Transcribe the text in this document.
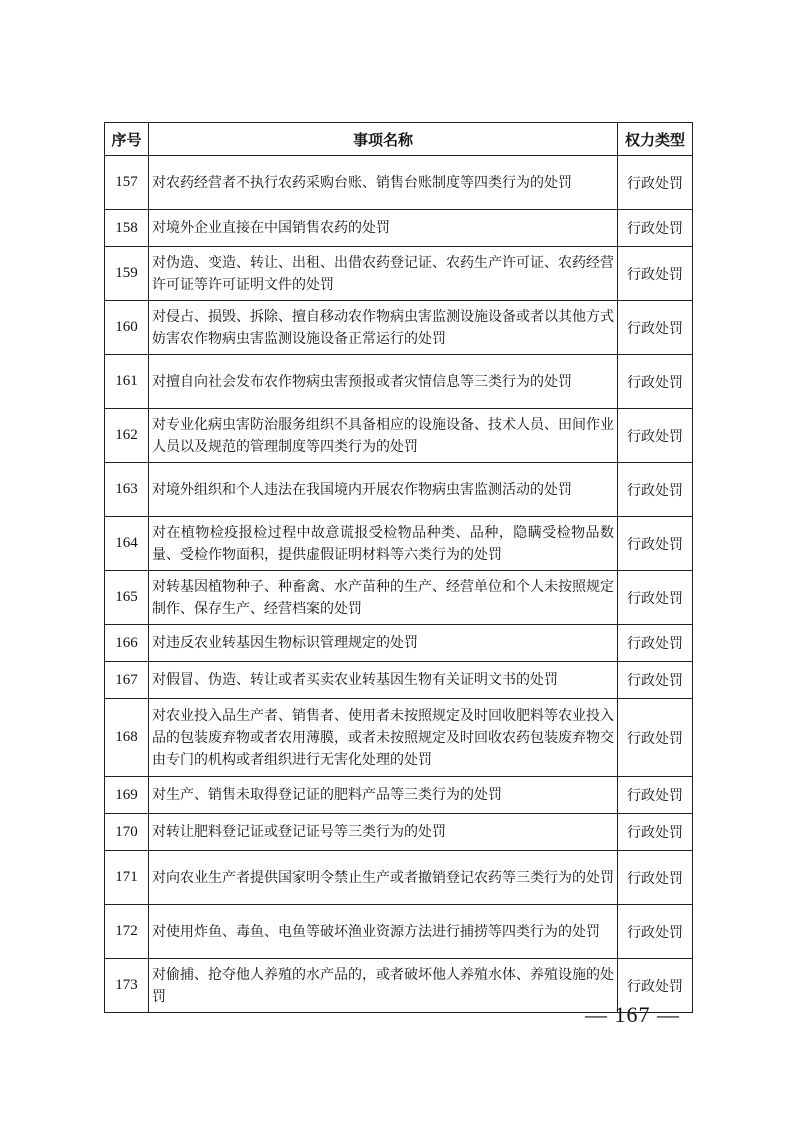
序号	事项名称	权力类型
157	对农药经营者不执行农药采购台账、销售台账制度等四类行为的处罚	行政处罚
158	对境外企业直接在中国销售农药的处罚	行政处罚
159	对伪造、变造、转让、出租、出借农药登记证、农药生产许可证、农药经营许可证等许可证明文件的处罚	行政处罚
160	对侵占、损毁、拆除、擅自移动农作物病虫害监测设施设备或者以其他方式妨害农作物病虫害监测设施设备正常运行的处罚	行政处罚
161	对擅自向社会发布农作物病虫害预报或者灾情信息等三类行为的处罚	行政处罚
162	对专业化病虫害防治服务组织不具备相应的设施设备、技术人员、田间作业人员以及规范的管理制度等四类行为的处罚	行政处罚
163	对境外组织和个人违法在我国境内开展农作物病虫害监测活动的处罚	行政处罚
164	对在植物检疫报检过程中故意谎报受检物品种类、品种，隐瞒受检物品数量、受检作物面积，提供虚假证明材料等六类行为的处罚	行政处罚
165	对转基因植物种子、种畜禽、水产苗种的生产、经营单位和个人未按照规定制作、保存生产、经营档案的处罚	行政处罚
166	对违反农业转基因生物标识管理规定的处罚	行政处罚
167	对假冒、伪造、转让或者买卖农业转基因生物有关证明文书的处罚	行政处罚
168	对农业投入品生产者、销售者、使用者未按照规定及时回收肥料等农业投入品的包装废弃物或者农用薄膜，或者未按照规定及时回收农药包装废弃物交由专门的机构或者组织进行无害化处理的处罚	行政处罚
169	对生产、销售未取得登记证的肥料产品等三类行为的处罚	行政处罚
170	对转让肥料登记证或登记证号等三类行为的处罚	行政处罚
171	对向农业生产者提供国家明令禁止生产或者撤销登记农药等三类行为的处罚	行政处罚
172	对使用炸鱼、毒鱼、电鱼等破坏渔业资源方法进行捕捞等四类行为的处罚	行政处罚
173	对偷捕、抢夺他人养殖的水产品的，或者破坏他人养殖水体、养殖设施的处罚	行政处罚
— 167 —
